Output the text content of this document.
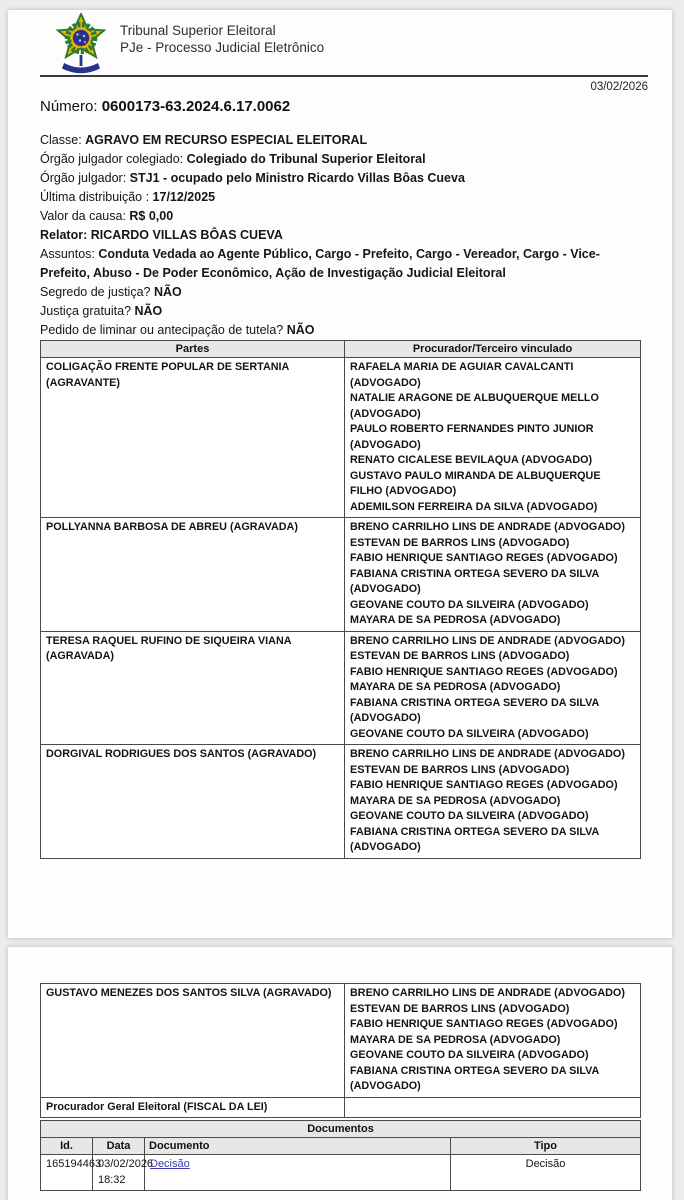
Tribunal Superior Eleitoral
PJe - Processo Judicial Eletrônico
03/02/2026
Número: 0600173-63.2024.6.17.0062
Classe: AGRAVO EM RECURSO ESPECIAL ELEITORAL
Órgão julgador colegiado: Colegiado do Tribunal Superior Eleitoral
Órgão julgador: STJ1 - ocupado pelo Ministro Ricardo Villas Bôas Cueva
Última distribuição : 17/12/2025
Valor da causa: R$ 0,00
Relator: RICARDO VILLAS BÔAS CUEVA
Assuntos: Conduta Vedada ao Agente Público, Cargo - Prefeito, Cargo - Vereador, Cargo - Vice-Prefeito, Abuso - De Poder Econômico, Ação de Investigação Judicial Eleitoral
Segredo de justiça? NÃO
Justiça gratuita? NÃO
Pedido de liminar ou antecipação de tutela? NÃO
Partes	Procurador/Terceiro vinculado
COLIGAÇÃO FRENTE POPULAR DE SERTANIA (AGRAVANTE)	
RAFAELA MARIA DE AGUIAR CAVALCANTI (ADVOGADO)
NATALIE ARAGONE DE ALBUQUERQUE MELLO (ADVOGADO)
PAULO ROBERTO FERNANDES PINTO JUNIOR (ADVOGADO)
RENATO CICALESE BEVILAQUA (ADVOGADO)
GUSTAVO PAULO MIRANDA DE ALBUQUERQUE FILHO (ADVOGADO)
ADEMILSON FERREIRA DA SILVA (ADVOGADO)

POLLYANNA BARBOSA DE ABREU (AGRAVADA)	BRENO CARRILHO LINS DE ANDRADE (ADVOGADO)
ESTEVAN DE BARROS LINS (ADVOGADO)
FABIO HENRIQUE SANTIAGO REGES (ADVOGADO)
FABIANA CRISTINA ORTEGA SEVERO DA SILVA (ADVOGADO)
GEOVANE COUTO DA SILVEIRA (ADVOGADO)
MAYARA DE SA PEDROSA (ADVOGADO)

TERESA RAQUEL RUFINO DE SIQUEIRA VIANA (AGRAVADA)	
BRENO CARRILHO LINS DE ANDRADE (ADVOGADO)
ESTEVAN DE BARROS LINS (ADVOGADO)
FABIO HENRIQUE SANTIAGO REGES (ADVOGADO)
MAYARA DE SA PEDROSA (ADVOGADO)
FABIANA CRISTINA ORTEGA SEVERO DA SILVA (ADVOGADO)
GEOVANE COUTO DA SILVEIRA (ADVOGADO)

DORGIVAL RODRIGUES DOS SANTOS (AGRAVADO)	BRENO CARRILHO LINS DE ANDRADE (ADVOGADO)
ESTEVAN DE BARROS LINS (ADVOGADO)
FABIO HENRIQUE SANTIAGO REGES (ADVOGADO)
MAYARA DE SA PEDROSA (ADVOGADO)
GEOVANE COUTO DA SILVEIRA (ADVOGADO)
FABIANA CRISTINA ORTEGA SEVERO DA SILVA (ADVOGADO)
GUSTAVO MENEZES DOS SANTOS SILVA (AGRAVADO)	BRENO CARRILHO LINS DE ANDRADE (ADVOGADO)
ESTEVAN DE BARROS LINS (ADVOGADO)
FABIO HENRIQUE SANTIAGO REGES (ADVOGADO)
MAYARA DE SA PEDROSA (ADVOGADO)
GEOVANE COUTO DA SILVEIRA (ADVOGADO)
FABIANA CRISTINA ORTEGA SEVERO DA SILVA (ADVOGADO)

Procurador Geral Eleitoral (FISCAL DA LEI)	
Documentos			
Id.	Data	Documento	Tipo
165194463	03/02/2026 18:32	Decisão	Decisão
